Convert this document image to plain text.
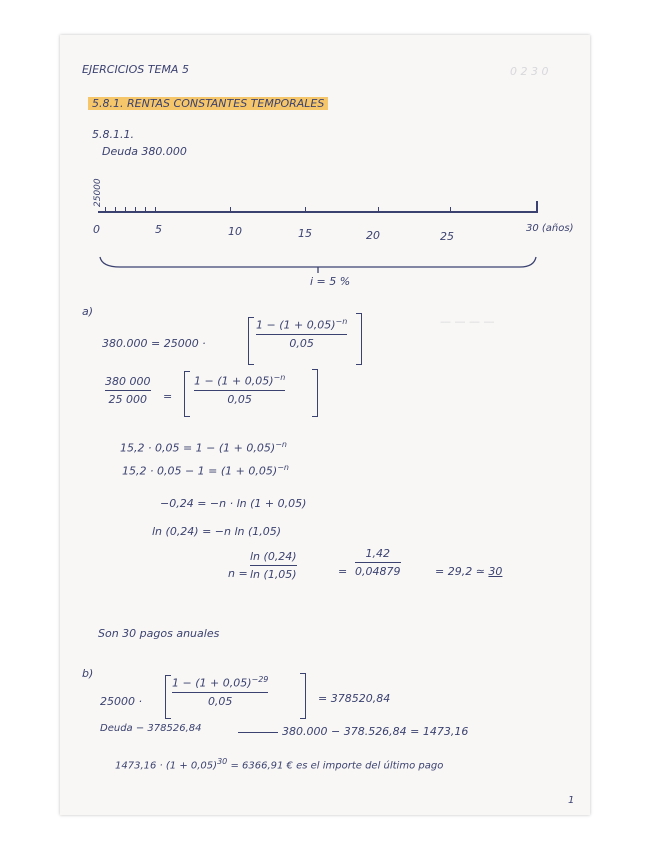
0 2 3 0
— — — —
EJERCICIOS TEMA 5
5.8.1. RENTAS CONSTANTES TEMPORALES
5.8.1.1.
Deuda 380.000
25000
0	5	10	15	20	25
30 (años)
i = 5 %
a)
380.000 = 25000 ·
$1 - (1 + 0,05)^{-n}$
0,05
380 000
25 000 =
$1 - (1 + 0,05)^{-n}$
0,05
$15,2 \cdot 0,05 = 1 - (1 + 0,05)^{-n}$
$15,2 \cdot 0,05 - 1 = (1 + 0,05)^{-n}$
−0,24 = −n · ln (1 + 0,05)
ln (0,24) = −n ln (1,05)
n =
ln (0,24)
ln (1,05)	=
1,42
0,04879	= 29,2 ≃ 30
Son 30 pagos anuales
b)
25000 ·
$1 - (1 + 0,05)^{-29}$
0,05	= 378520,84
Deuda − 378526,84	380.000 − 378.526,84 = 1473,16
$1473,16 \cdot (1 + 0,05)^{30} = 6366,91$ € es el importe del último pago
1
